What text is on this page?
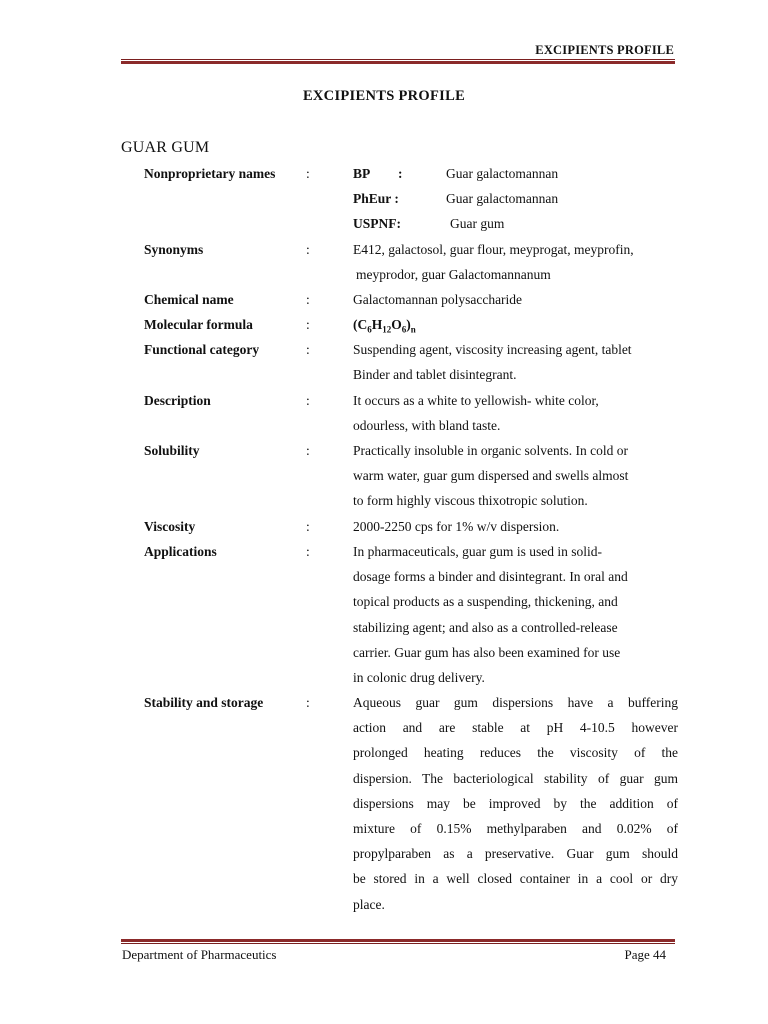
EXCIPIENTS PROFILE
EXCIPIENTS PROFILE
GUAR GUM
Nonproprietary names :	BP :	Guar galactomannan
PhEur :	Guar galactomannan
USPNF:	Guar gum
Synonyms	:	E412, galactosol, guar flour, meyprogat, meyprofin,
meyprodor, guar Galactomannanum
Chemical name	:	Galactomannan polysaccharide
Molecular formula	:	$(C_6H_{12}O_6)_n$
Functional category	:	Suspending agent, viscosity increasing agent, tablet
Binder and tablet disintegrant.
Description	:	It occurs as a white to yellowish- white color,
odourless, with bland taste.
Solubility	:	Practically insoluble in organic solvents. In cold or
warm water, guar gum dispersed and swells almost
to form highly viscous thixotropic solution.
Viscosity	:	2000-2250 cps for 1% w/v dispersion.
Applications	:	In pharmaceuticals, guar gum is used in solid-
dosage forms a binder and disintegrant. In oral and
topical products as a suspending, thickening, and
stabilizing agent; and also as a controlled-release
carrier. Guar gum has also been examined for use
in colonic drug delivery.
Stability and storage	:	Aqueous guar gum dispersions have a buffering
action and are stable at pH 4-10.5 however
prolonged heating reduces the viscosity of the
dispersion. The bacteriological stability of guar gum
dispersions may be improved by the addition of
mixture of 0.15% methylparaben and 0.02% of
propylparaben as a preservative. Guar gum should
be stored in a well closed container in a cool or dry
place.
Department of Pharmaceutics	Page 44
